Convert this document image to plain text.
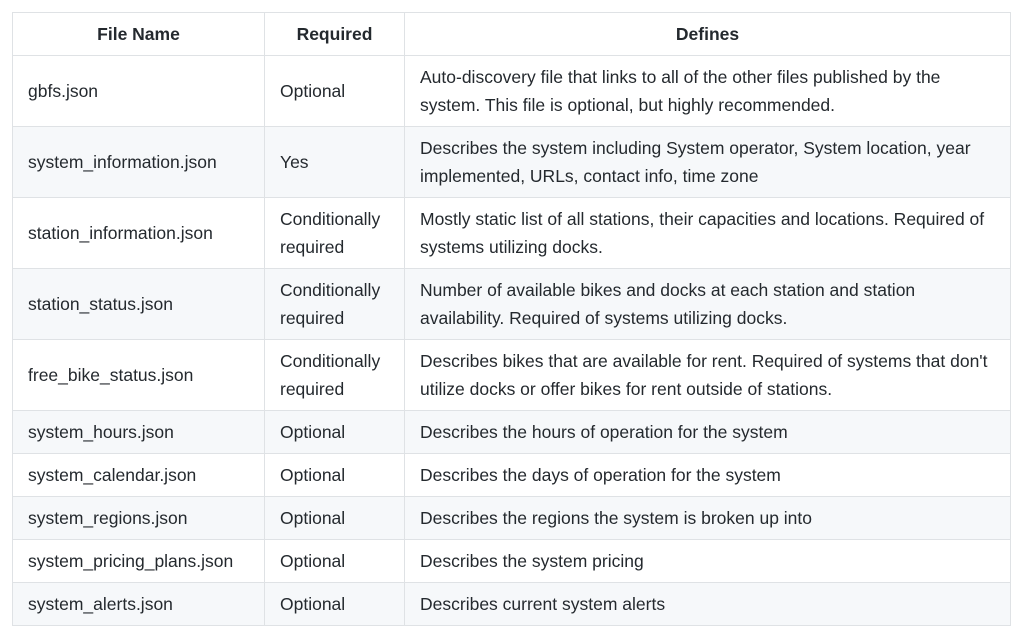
File Name	Required	Defines
gbfs.json	Optional	Auto-discovery file that links to all of the other files published by the system. This file is optional, but highly recommended.
system_information.json	Yes	Describes the system including System operator, System location, year implemented, URLs, contact info, time zone
station_information.json	Conditionally required	Mostly static list of all stations, their capacities and locations. Required of systems utilizing docks.
station_status.json	Conditionally required	Number of available bikes and docks at each station and station availability. Required of systems utilizing docks.
free_bike_status.json	Conditionally required	Describes bikes that are available for rent. Required of systems that don't utilize docks or offer bikes for rent outside of stations.
system_hours.json	Optional	Describes the hours of operation for the system
system_calendar.json	Optional	Describes the days of operation for the system
system_regions.json	Optional	Describes the regions the system is broken up into
system_pricing_plans.json	Optional	Describes the system pricing
system_alerts.json	Optional	Describes current system alerts
